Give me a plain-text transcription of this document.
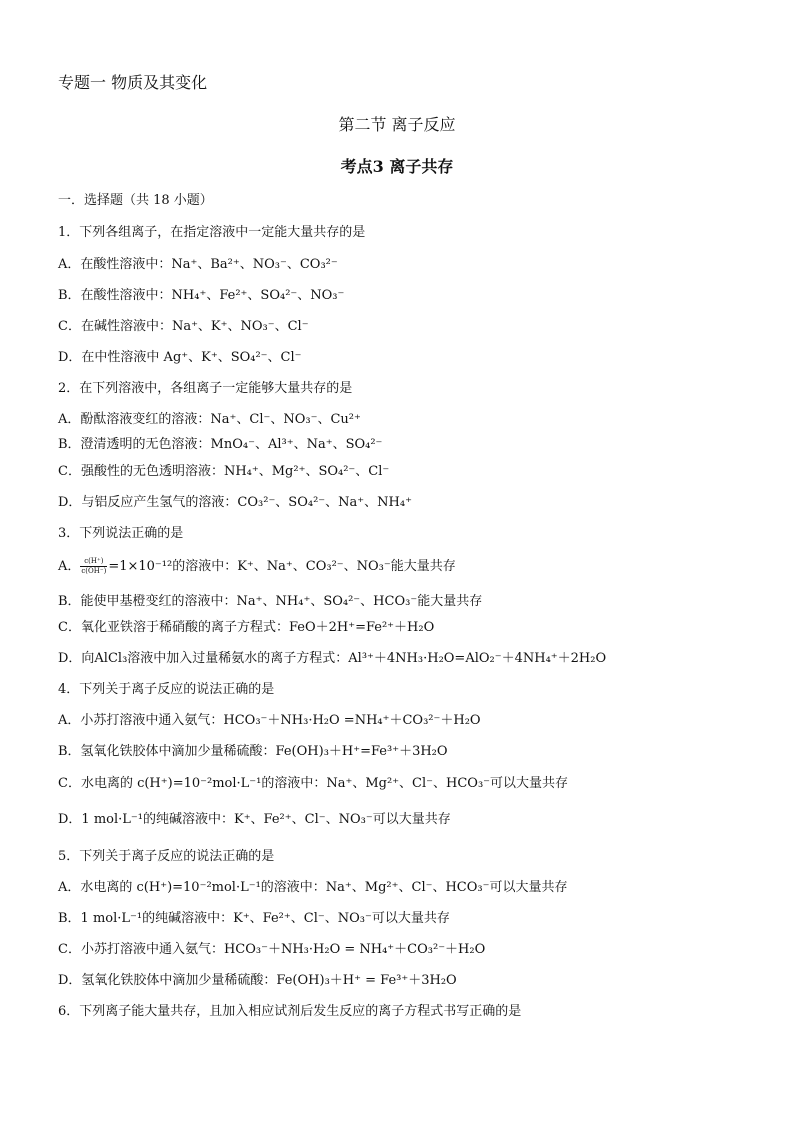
专题一 物质及其变化
第二节 离子反应
考点3 离子共存
一．选择题（共 18 小题）
1．下列各组离子，在指定溶液中一定能大量共存的是
A．在酸性溶液中：Na⁺、Ba²⁺、NO₃⁻、CO₃²⁻
B．在酸性溶液中：NH₄⁺、Fe²⁺、SO₄²⁻、NO₃⁻
C．在碱性溶液中：Na⁺、K⁺、NO₃⁻、Cl⁻
D．在中性溶液中 Ag⁺、K⁺、SO₄²⁻、Cl⁻
2．在下列溶液中，各组离子一定能够大量共存的是
A．酚酞溶液变红的溶液：Na⁺、Cl⁻、NO₃⁻、Cu²⁺
B．澄清透明的无色溶液：MnO₄⁻、Al³⁺、Na⁺、SO₄²⁻
C．强酸性的无色透明溶液：NH₄⁺、Mg²⁺、SO₄²⁻、Cl⁻
D．与铝反应产生氢气的溶液：CO₃²⁻、SO₄²⁻、Na⁺、NH₄⁺
3．下列说法正确的是
A． $\frac{c(H^+)}{c(OH^-)} =1\times 10^{-12}$的溶液中：K⁺、Na⁺、CO₃²⁻、NO₃⁻能大量共存
B．能使甲基橙变红的溶液中：Na⁺、NH₄⁺、SO₄²⁻、HCO₃⁻能大量共存
C．氧化亚铁溶于稀硝酸的离子方程式：FeO＋2H⁺=Fe²⁺＋H₂O
D．向AlCl₃溶液中加入过量稀氨水的离子方程式：Al³⁺＋4NH₃·H₂O=AlO₂⁻＋4NH₄⁺＋2H₂O
4．下列关于离子反应的说法正确的是
A．小苏打溶液中通入氨气：HCO₃⁻＋NH₃·H₂O =NH₄⁺＋CO₃²⁻＋H₂O
B．氢氧化铁胶体中滴加少量稀硫酸：Fe(OH)₃＋H⁺=Fe³⁺＋3H₂O
C．水电离的 c(H⁺)=10⁻²mol·L⁻¹的溶液中：Na⁺、Mg²⁺、Cl⁻、HCO₃⁻可以大量共存
D．1 mol·L⁻¹的纯碱溶液中：K⁺、Fe²⁺、Cl⁻、NO₃⁻可以大量共存
5．下列关于离子反应的说法正确的是
A．水电离的 c(H⁺)=10⁻²mol·L⁻¹的溶液中：Na⁺、Mg²⁺、Cl⁻、HCO₃⁻可以大量共存
B．1 mol·L⁻¹的纯碱溶液中：K⁺、Fe²⁺、Cl⁻、NO₃⁻可以大量共存
C．小苏打溶液中通入氨气：HCO₃⁻＋NH₃·H₂O = NH₄⁺＋CO₃²⁻＋H₂O
D．氢氧化铁胶体中滴加少量稀硫酸：Fe(OH)₃＋H⁺ = Fe³⁺＋3H₂O
6．下列离子能大量共存，且加入相应试剂后发生反应的离子方程式书写正确的是
